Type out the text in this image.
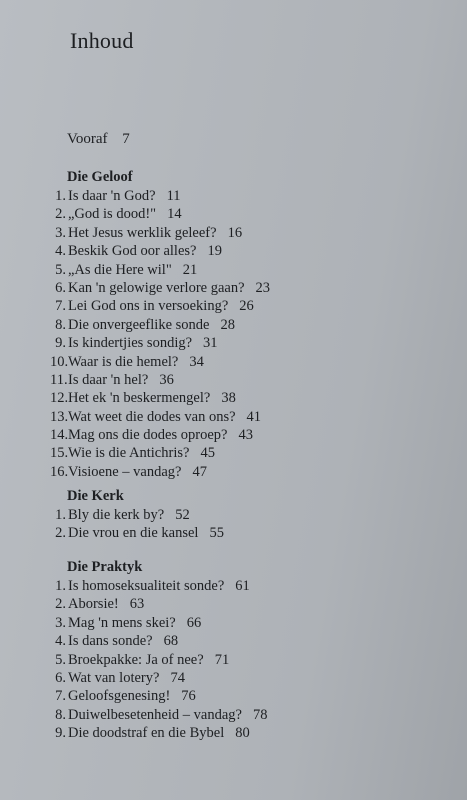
Inhoud
Vooraf 7
Die Geloof
1. Is daar 'n God? 11
2. „God is dood!" 14
3. Het Jesus werklik geleef? 16
4. Beskik God oor alles? 19
5. „As die Here wil" 21
6. Kan 'n gelowige verlore gaan? 23
7. Lei God ons in versoeking? 26
8. Die onvergeeflike sonde 28
9. Is kindertjies sondig? 31
10. Waar is die hemel? 34
11. Is daar 'n hel? 36
12. Het ek 'n beskermengel? 38
13. Wat weet die dodes van ons? 41
14. Mag ons die dodes oproep? 43
15. Wie is die Antichris? 45
16. Visioene – vandag? 47
Die Kerk
1. Bly die kerk by? 52
2. Die vrou en die kansel 55
Die Praktyk
1. Is homoseksualiteit sonde? 61
2. Aborsie! 63
3. Mag 'n mens skei? 66
4. Is dans sonde? 68
5. Broekpakke: Ja of nee? 71
6. Wat van lotery? 74
7. Geloofsgenesing! 76
8. Duiwelbesetenheid – vandag? 78
9. Die doodstraf en die Bybel 80
